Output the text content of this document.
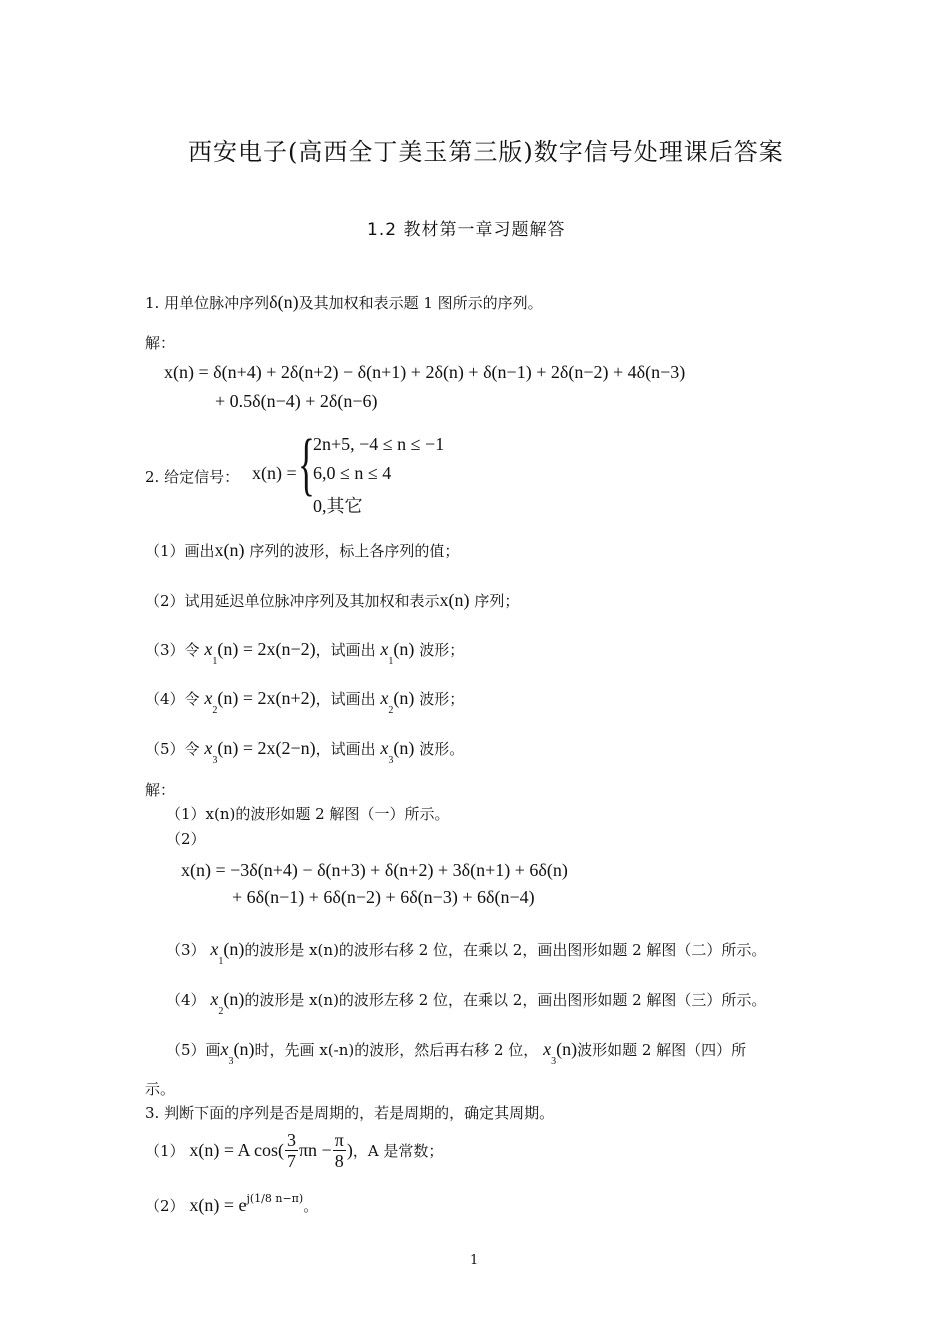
西安电子(高西全丁美玉第三版)数字信号处理课后答案
1.2 教材第一章习题解答
1. 用单位脉冲序列δ(n)及其加权和表示题 1 图所示的序列。
解：
x(n) = δ(n+4) + 2δ(n+2) − δ(n+1) + 2δ(n) + δ(n−1) + 2δ(n−2) + 4δ(n−3)
+ 0.5δ(n−4) + 2δ(n−6)
2. 给定信号： x(n) = {
2n+5, −4 ≤ n ≤ −1
6,0 ≤ n ≤ 4
0,其它
（1）画出x(n) 序列的波形，标上各序列的值；
（2）试用延迟单位脉冲序列及其加权和表示x(n) 序列；
（3）令 $x_1(n) = 2x(n-2)$，试画出 $x_1(n)$ 波形；
（4）令 $x_2(n) = 2x(n+2)$，试画出 $x_2(n)$ 波形；
（5）令 $x_3(n) = 2x(2-n)$，试画出 $x_3(n)$ 波形。
解：
（1）x(n)的波形如题 2 解图（一）所示。
（2）
x(n) = −3δ(n+4) − δ(n+3) + δ(n+2) + 3δ(n+1) + 6δ(n)
+ 6δ(n−1) + 6δ(n−2) + 6δ(n−3) + 6δ(n−4)
（3） $x_1(n)$的波形是 x(n)的波形右移 2 位，在乘以 2，画出图形如题 2 解图（二）所示。
（4） $x_2(n)$的波形是 x(n)的波形左移 2 位，在乘以 2，画出图形如题 2 解图（三）所示。
（5）画$x_3(n)$时，先画 x(-n)的波形，然后再右移 2 位， $x_3(n)$波形如题 2 解图（四）所
示。
3. 判断下面的序列是否是周期的，若是周期的，确定其周期。
（1） x(n) = A $\cos( \frac{3}{7}$ $\pi n - \frac{\pi}{8}$ )，A 是常数；
（2） $x(n) = e^{j(1/8 n-\pi)}$。
1
